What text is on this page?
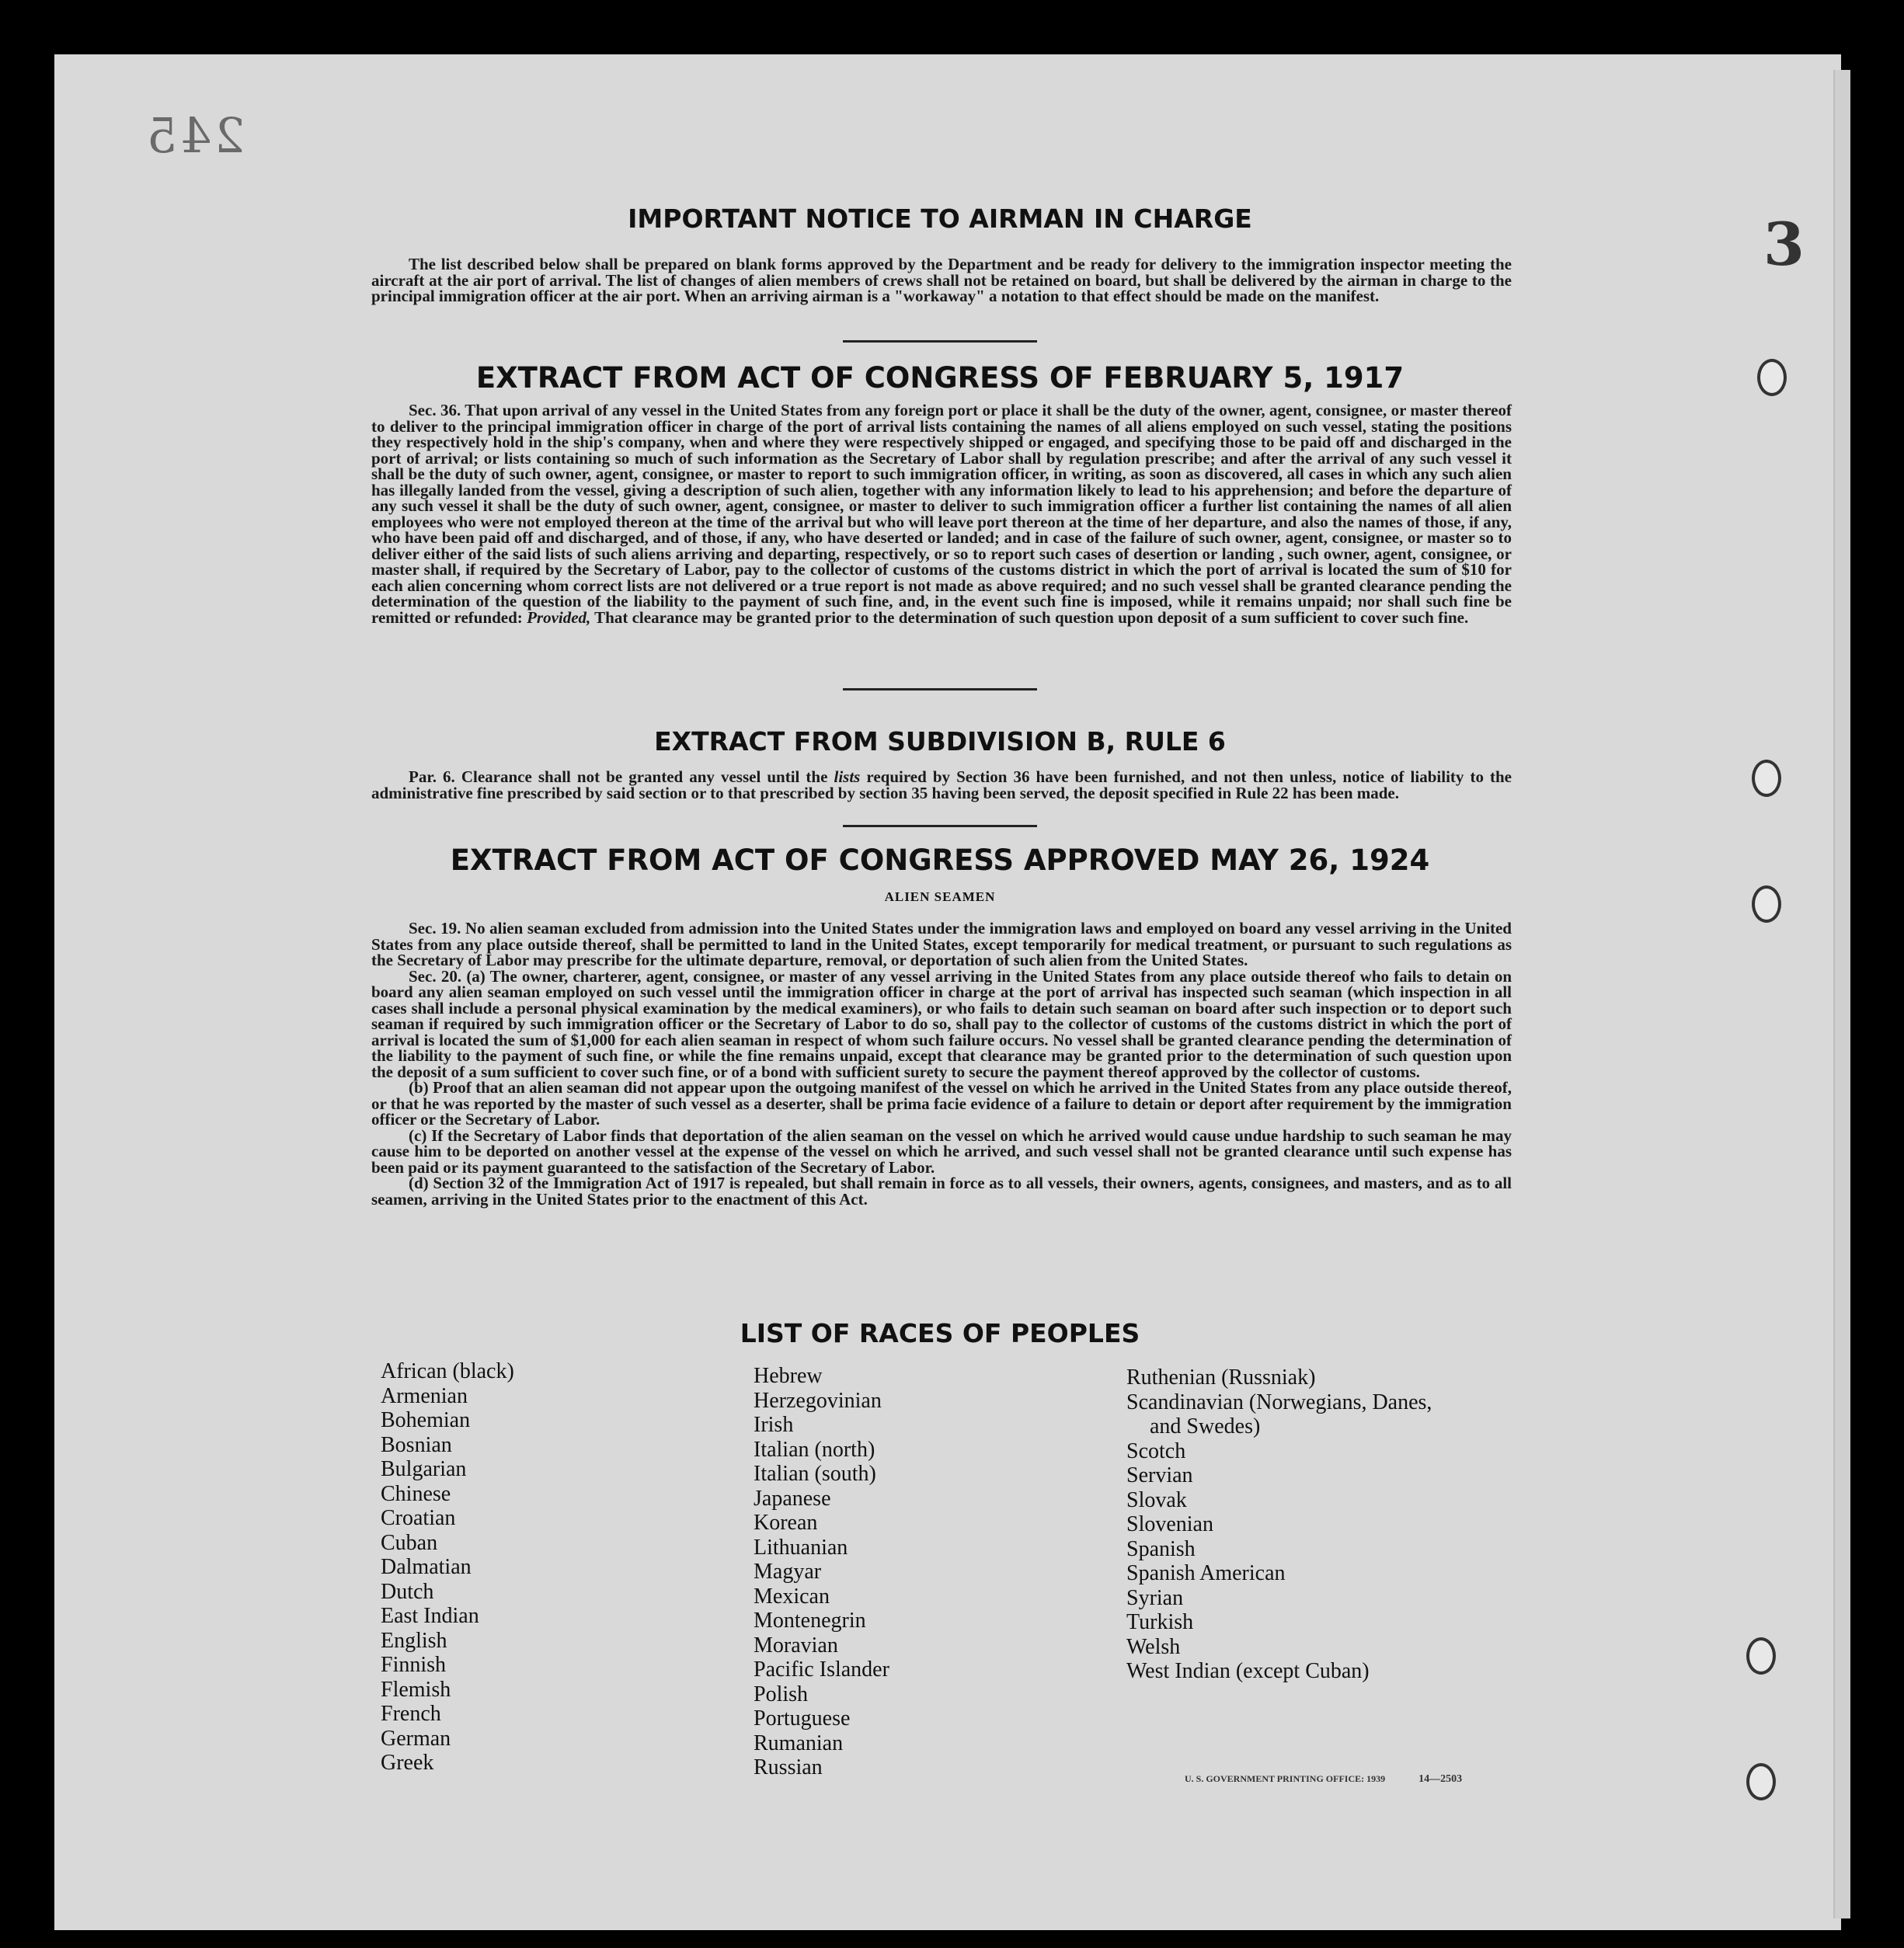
245
3
IMPORTANT NOTICE TO AIRMAN IN CHARGE

The list described below shall be prepared on blank forms approved by the Department and be ready for delivery to the immigration inspector meeting the aircraft at the air port of arrival. The list of changes of alien members of crews shall not be retained on board, but shall be delivered by the airman in charge to the principal immigration officer at the air port. When an arriving airman is a "workaway" a notation to that effect should be made on the manifest.

EXTRACT FROM ACT OF CONGRESS OF FEBRUARY 5, 1917

Sec. 36. That upon arrival of any vessel in the United States from any foreign port or place it shall be the duty of the owner, agent, consignee, or master thereof to deliver to the principal immigration officer in charge of the port of arrival lists containing the names of all aliens employed on such vessel, stating the positions they respectively hold in the ship's company, when and where they were respectively shipped or engaged, and specifying those to be paid off and discharged in the port of arrival; or lists containing so much of such information as the Secretary of Labor shall by regulation prescribe; and after the arrival of any such vessel it shall be the duty of such owner, agent, consignee, or master to report to such immigration officer, in writing, as soon as discovered, all cases in which any such alien has illegally landed from the vessel, giving a description of such alien, together with any information likely to lead to his apprehension; and before the departure of any such vessel it shall be the duty of such owner, agent, consignee, or master to deliver to such immigration officer a further list containing the names of all alien employees who were not employed thereon at the time of the arrival but who will leave port thereon at the time of her departure, and also the names of those, if any, who have been paid off and discharged, and of those, if any, who have deserted or landed; and in case of the failure of such owner, agent, consignee, or master so to deliver either of the said lists of such aliens arriving and departing, respectively, or so to report such cases of desertion or landing , such owner, agent, consignee, or master shall, if required by the Secretary of Labor, pay to the collector of customs of the customs district in which the port of arrival is located the sum of $10 for each alien concerning whom correct lists are not delivered or a true report is not made as above required; and no such vessel shall be granted clearance pending the determination of the question of the liability to the payment of such fine, and, in the event such fine is imposed, while it remains unpaid; nor shall such fine be remitted or refunded: Provided, That clearance may be granted prior to the determination of such question upon deposit of a sum sufficient to cover such fine.

EXTRACT FROM SUBDIVISION B, RULE 6

Par. 6. Clearance shall not be granted any vessel until the lists required by Section 36 have been furnished, and not then unless, notice of liability to the administrative fine prescribed by said section or to that prescribed by section 35 having been served, the deposit specified in Rule 22 has been made.

EXTRACT FROM ACT OF CONGRESS APPROVED MAY 26, 1924
ALIEN SEAMEN

Sec. 19. No alien seaman excluded from admission into the United States under the immigration laws and employed on board any vessel arriving in the United States from any place outside thereof, shall be permitted to land in the United States, except temporarily for medical treatment, or pursuant to such regulations as the Secretary of Labor may prescribe for the ultimate departure, removal, or deportation of such alien from the United States.

Sec. 20. (a) The owner, charterer, agent, consignee, or master of any vessel arriving in the United States from any place outside thereof who fails to detain on board any alien seaman employed on such vessel until the immigration officer in charge at the port of arrival has inspected such seaman (which inspection in all cases shall include a personal physical examination by the medical examiners), or who fails to detain such seaman on board after such inspection or to deport such seaman if required by such immigration officer or the Secretary of Labor to do so, shall pay to the collector of customs of the customs district in which the port of arrival is located the sum of $1,000 for each alien seaman in respect of whom such failure occurs. No vessel shall be granted clearance pending the determination of the liability to the payment of such fine, or while the fine remains unpaid, except that clearance may be granted prior to the determination of such question upon the deposit of a sum sufficient to cover such fine, or of a bond with sufficient surety to secure the payment thereof approved by the collector of customs.

(b) Proof that an alien seaman did not appear upon the outgoing manifest of the vessel on which he arrived in the United States from any place outside thereof, or that he was reported by the master of such vessel as a deserter, shall be prima facie evidence of a failure to detain or deport after requirement by the immigration officer or the Secretary of Labor.

(c) If the Secretary of Labor finds that deportation of the alien seaman on the vessel on which he arrived would cause undue hardship to such seaman he may cause him to be deported on another vessel at the expense of the vessel on which he arrived, and such vessel shall not be granted clearance until such expense has been paid or its payment guaranteed to the satisfaction of the Secretary of Labor.

(d) Section 32 of the Immigration Act of 1917 is repealed, but shall remain in force as to all vessels, their owners, agents, consignees, and masters, and as to all seamen, arriving in the United States prior to the enactment of this Act.

LIST OF RACES OF PEOPLES
African (black)
Armenian
Bohemian
Bosnian
Bulgarian
Chinese
Croatian
Cuban
Dalmatian
Dutch
East Indian
English
Finnish
Flemish
French
German
Greek
Hebrew
Herzegovinian
Irish
Italian (north)
Italian (south)
Japanese
Korean
Lithuanian
Magyar
Mexican
Montenegrin
Moravian
Pacific Islander
Polish
Portuguese
Rumanian
Russian
Ruthenian (Russniak)
Scandinavian (Norwegians, Danes,
and Swedes)
Scotch
Servian
Slovak
Slovenian
Spanish
Spanish American
Syrian
Turkish
Welsh
West Indian (except Cuban)
U. S. GOVERNMENT PRINTING OFFICE: 1939	14—2503
